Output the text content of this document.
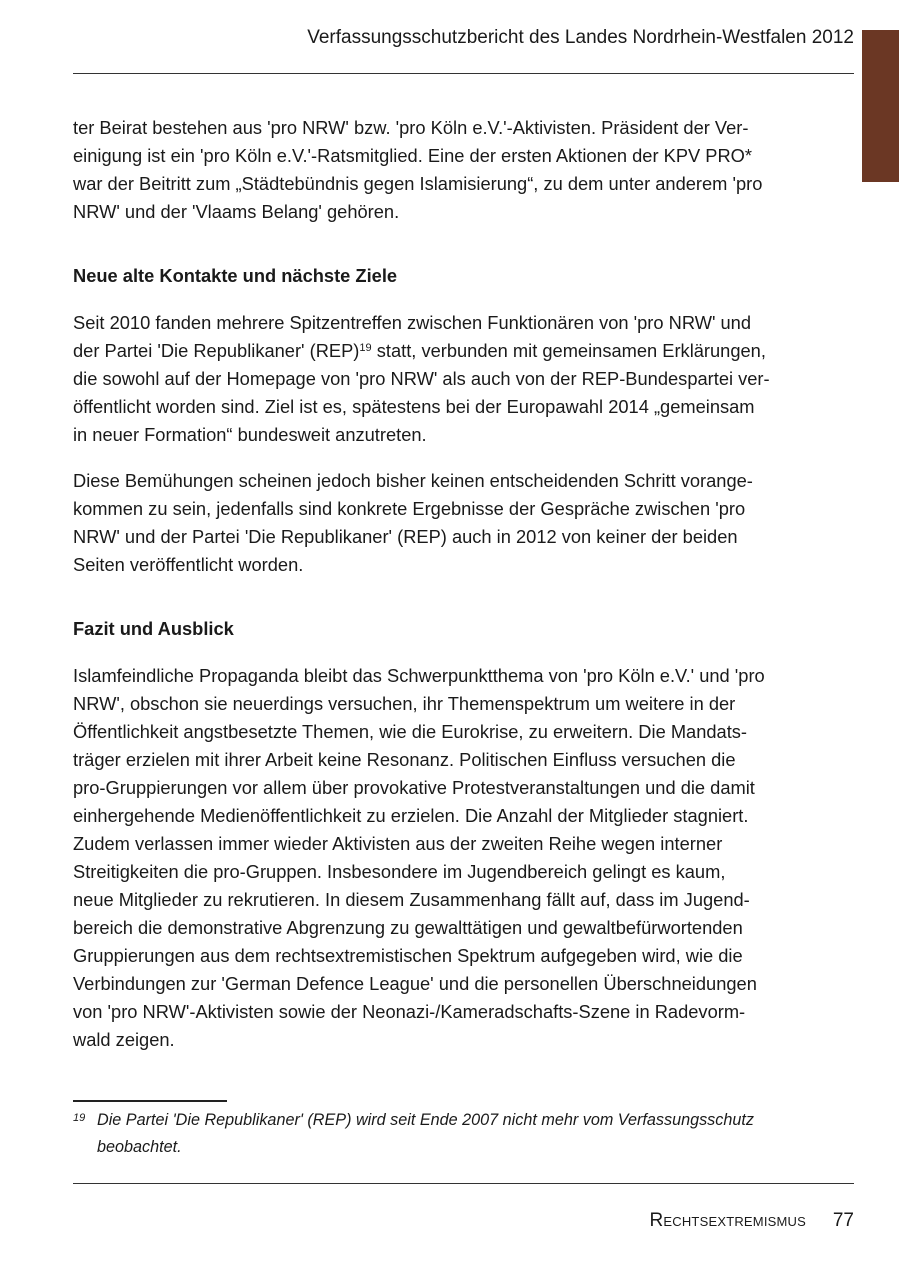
Verfassungsschutzbericht des Landes Nordrhein-Westfalen 2012

ter Beirat bestehen aus 'pro NRW' bzw. 'pro Köln e.V.'-Aktivisten. Präsident der Ver-
einigung ist ein 'pro Köln e.V.'-Ratsmitglied. Eine der ersten Aktionen der KPV PRO*
war der Beitritt zum „Städtebündnis gegen Islamisierung“, zu dem unter anderem 'pro
NRW' und der 'Vlaams Belang' gehören.

Neue alte Kontakte und nächste Ziele

Seit 2010 fanden mehrere Spitzentreffen zwischen Funktionären von 'pro NRW' und
der Partei 'Die Republikaner' (REP)$^{19}$ statt, verbunden mit gemeinsamen Erklärungen,
die sowohl auf der Homepage von 'pro NRW' als auch von der REP-Bundespartei ver-
öffentlicht worden sind. Ziel ist es, spätestens bei der Europawahl 2014 „gemeinsam
in neuer Formation“ bundesweit anzutreten.

Diese Bemühungen scheinen jedoch bisher keinen entscheidenden Schritt vorange-
kommen zu sein, jedenfalls sind konkrete Ergebnisse der Gespräche zwischen 'pro
NRW' und der Partei 'Die Republikaner' (REP) auch in 2012 von keiner der beiden
Seiten veröffentlicht worden.

Fazit und Ausblick

Islamfeindliche Propaganda bleibt das Schwerpunktthema von 'pro Köln e.V.' und 'pro
NRW', obschon sie neuerdings versuchen, ihr Themenspektrum um weitere in der
Öffentlichkeit angstbesetzte Themen, wie die Eurokrise, zu erweitern. Die Mandats-
träger erzielen mit ihrer Arbeit keine Resonanz. Politischen Einfluss versuchen die
pro-Gruppierungen vor allem über provokative Protestveranstaltungen und die damit
einhergehende Medienöffentlichkeit zu erzielen. Die Anzahl der Mitglieder stagniert.
Zudem verlassen immer wieder Aktivisten aus der zweiten Reihe wegen interner
Streitigkeiten die pro-Gruppen. Insbesondere im Jugendbereich gelingt es kaum,
neue Mitglieder zu rekrutieren. In diesem Zusammenhang fällt auf, dass im Jugend-
bereich die demonstrative Abgrenzung zu gewalttätigen und gewaltbefürwortenden
Gruppierungen aus dem rechtsextremistischen Spektrum aufgegeben wird, wie die
Verbindungen zur 'German Defence League' und die personellen Überschneidungen
von 'pro NRW'-Aktivisten sowie der Neonazi-/Kameradschafts-Szene in Radevorm-
wald zeigen.

19 Die Partei 'Die Republikaner' (REP) wird seit Ende 2007 nicht mehr vom Verfassungsschutz
beobachtet.
Rechtsextremismus 77
